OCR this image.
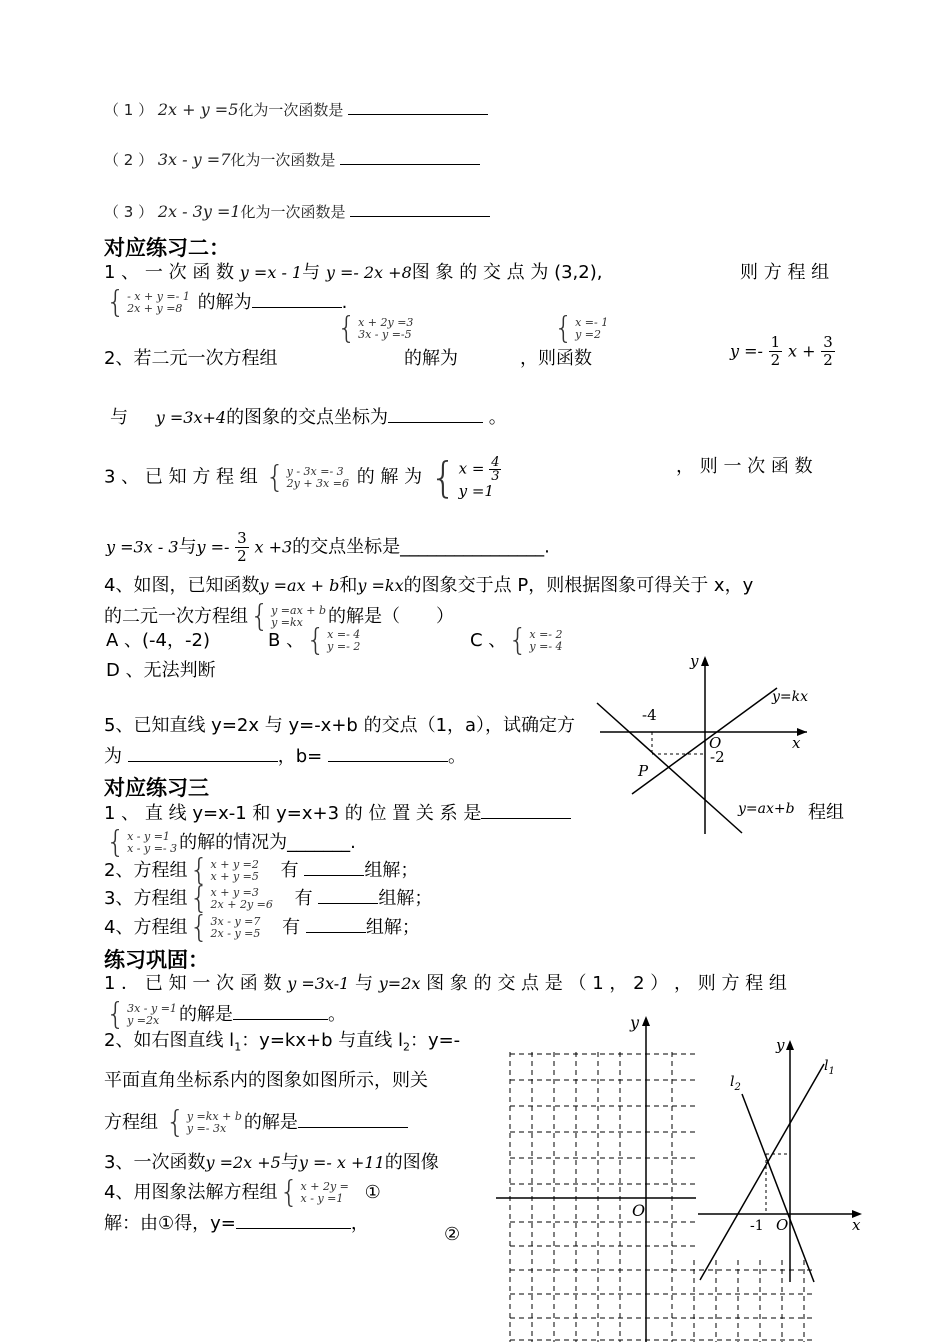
（ 1 ） 2x + y =5化为一次函数是
（ 2 ） 3x - y =7化为一次函数是
（ 3 ） 2x - 3y =1化为一次函数是
对应练习二：
1 、 一 次 函 数 y =x - 1与 y =- 2x +8图 象 的 交 点 为 (3,2),	则 方 程 组
{ - x + y =- 1
2x + y =8 的解为	.
{ x + 2y =3
3x - y =-5	{ x =- 1
y =2
2、若二元一次方程组	的解为	，则函数	$y =- \frac{1}{2}$ $x + \frac{3}{2}$
与 y =3x+4的图象的交点坐标为	。
3 、 已 知 方 程 组 { y - 3x =- 3
2y + 3x =6 的 解 为 { $x = \frac{4}{3}$
y =1
， 则 一 次 函 数
y =3x - 3与$y =- \frac{3}{2}$ x +3的交点坐标是________________.
4、如图，已知函数y =ax + b和y =kx的图象交于点 P，则根据图象可得关于 x，y
的二元一次方程组 { y =ax + b
y =kx	的解是（　　）
A 、(-4，-2)	B 、 { x =- 4
y =- 2	C 、 { x =- 2
y =- 4
D 、无法判断
5、已知直线 y=2x 与 y=-x+b 的交点（1，a），试确定方
为	，b=	。
y
x
O
-4
-2
P
y=kx
y=ax+b
对应练习三
1 、 直 线 y=x-1 和 y=x+3 的 位 置 关 系 是	程组
{ x - y =1
x - y =- 3 的解的情况为_______.
2、方程组 { x + y =2
x + y =5 有	组解；
3、方程组 { x + y =3
2x + 2y =6 有	组解；
4、方程组 { 3x - y =7
2x - y =5 有	组解；
练习巩固：
1 ． 已 知 一 次 函 数 y =3x-1 与 y=2x 图 象 的 交 点 是 （ 1 ， 2 ） ， 则 方 程 组
{ 3x - y =1
y =2x	的解是	。
2、如右图直线 $l_1$：y=kx+b 与直线 $l_2$：y=-
平面直角坐标系内的图象如图所示，则关
方程组 { y =kx + b
y =- 3x 的解是
3、一次函数y =2x +5与y =- x +11的图像
4、用图象法解方程组 { x + 2y =
x - y =1	①
解：由①得，y=	，
②
y
O
y
x
O
-1
$l_1$
$l_2$
